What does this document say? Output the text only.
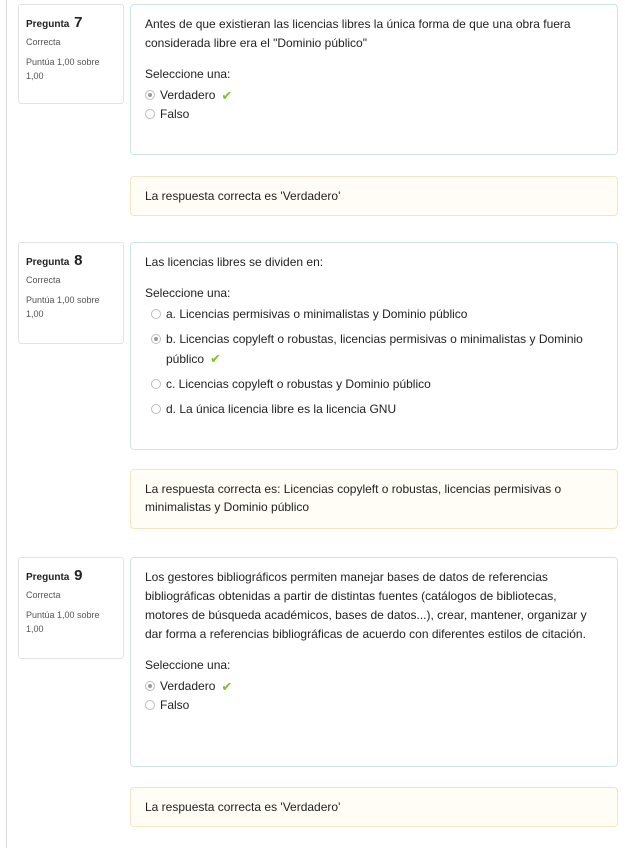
Pregunta 7
Correcta
Puntúa 1,00 sobre 1,00

Antes de que existieran las licencias libres la única forma de que una obra fuera considerada libre era el "Dominio público"

Seleccione una:

Verdadero ✔
Falso
La respuesta correcta es 'Verdadero'
Pregunta 8
Correcta
Puntúa 1,00 sobre 1,00

Las licencias libres se dividen en:

Seleccione una:

a. Licencias permisivas o minimalistas y Dominio público
b. Licencias copyleft o robustas, licencias permisivas o minimalistas y Dominio público ✔
c. Licencias copyleft o robustas y Dominio público
d. La única licencia libre es la licencia GNU
La respuesta correcta es: Licencias copyleft o robustas, licencias permisivas o minimalistas y Dominio público
Pregunta 9
Correcta
Puntúa 1,00 sobre 1,00

Los gestores bibliográficos permiten manejar bases de datos de referencias bibliográficas obtenidas a partir de distintas fuentes (catálogos de bibliotecas, motores de búsqueda académicos, bases de datos...), crear, mantener, organizar y dar forma a referencias bibliográficas de acuerdo con diferentes estilos de citación.

Seleccione una:

Verdadero ✔
Falso
La respuesta correcta es 'Verdadero'
